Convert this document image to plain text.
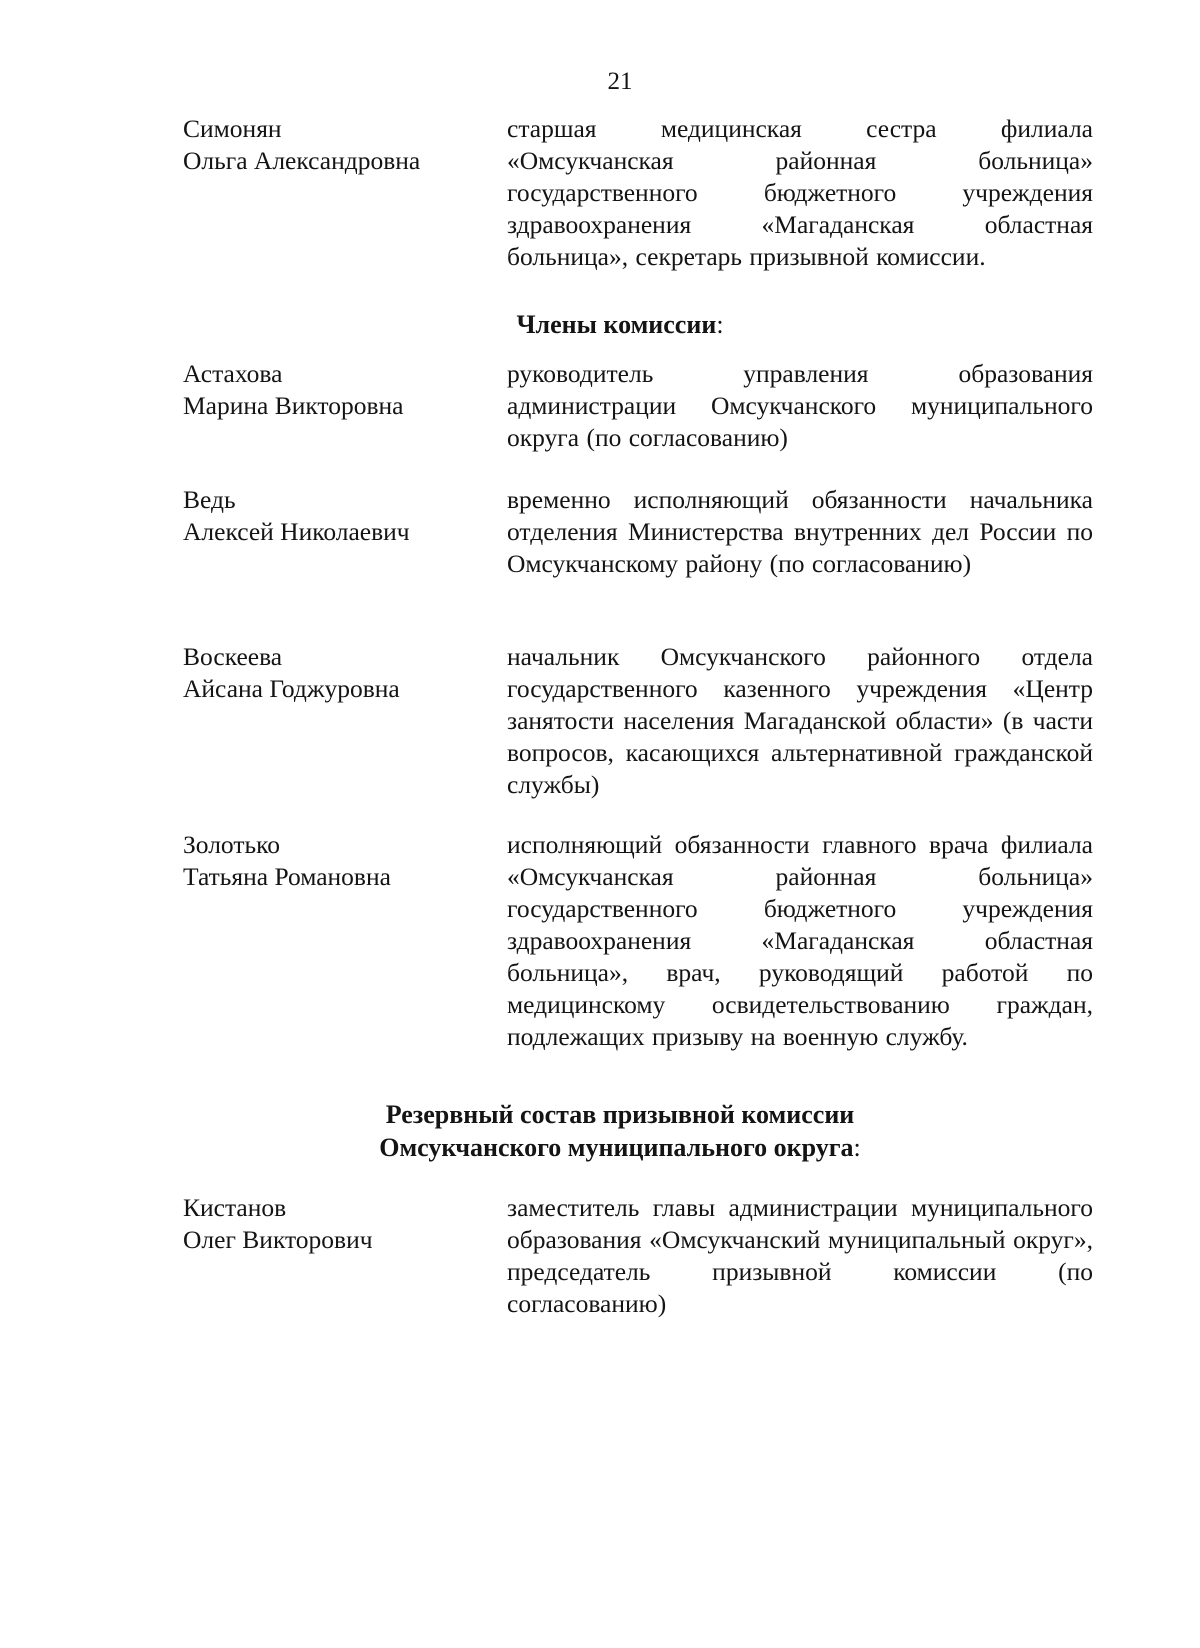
21
Симонян
Ольга Александровна
старшая медицинская сестра филиала «Омсукчанская районная больница» государственного бюджетного учреждения здравоохранения «Магаданская областная больница», секретарь призывной комиссии.
Члены комиссии:
Астахова
Марина Викторовна
руководитель управления образования администрации Омсукчанского муниципального округа (по согласованию)
Ведь
Алексей Николаевич
временно исполняющий обязанности начальника отделения Министерства внутренних дел России по Омсукчанскому району (по согласованию)
Воскеева
Айсана Годжуровна
начальник Омсукчанского районного отдела государственного казенного учреждения «Центр занятости населения Магаданской области» (в части вопросов, касающихся альтернативной гражданской службы)
Золотько
Татьяна Романовна
исполняющий обязанности главного врача филиала «Омсукчанская районная больница» государственного бюджетного учреждения здравоохранения «Магаданская областная больница», врач, руководящий работой по медицинскому освидетельствованию граждан, подлежащих призыву на военную службу.
Резервный состав призывной комиссии
Омсукчанского муниципального округа:
Кистанов
Олег Викторович
заместитель главы администрации муниципального образования «Омсукчанский муниципальный округ», председатель призывной комиссии (по согласованию)
